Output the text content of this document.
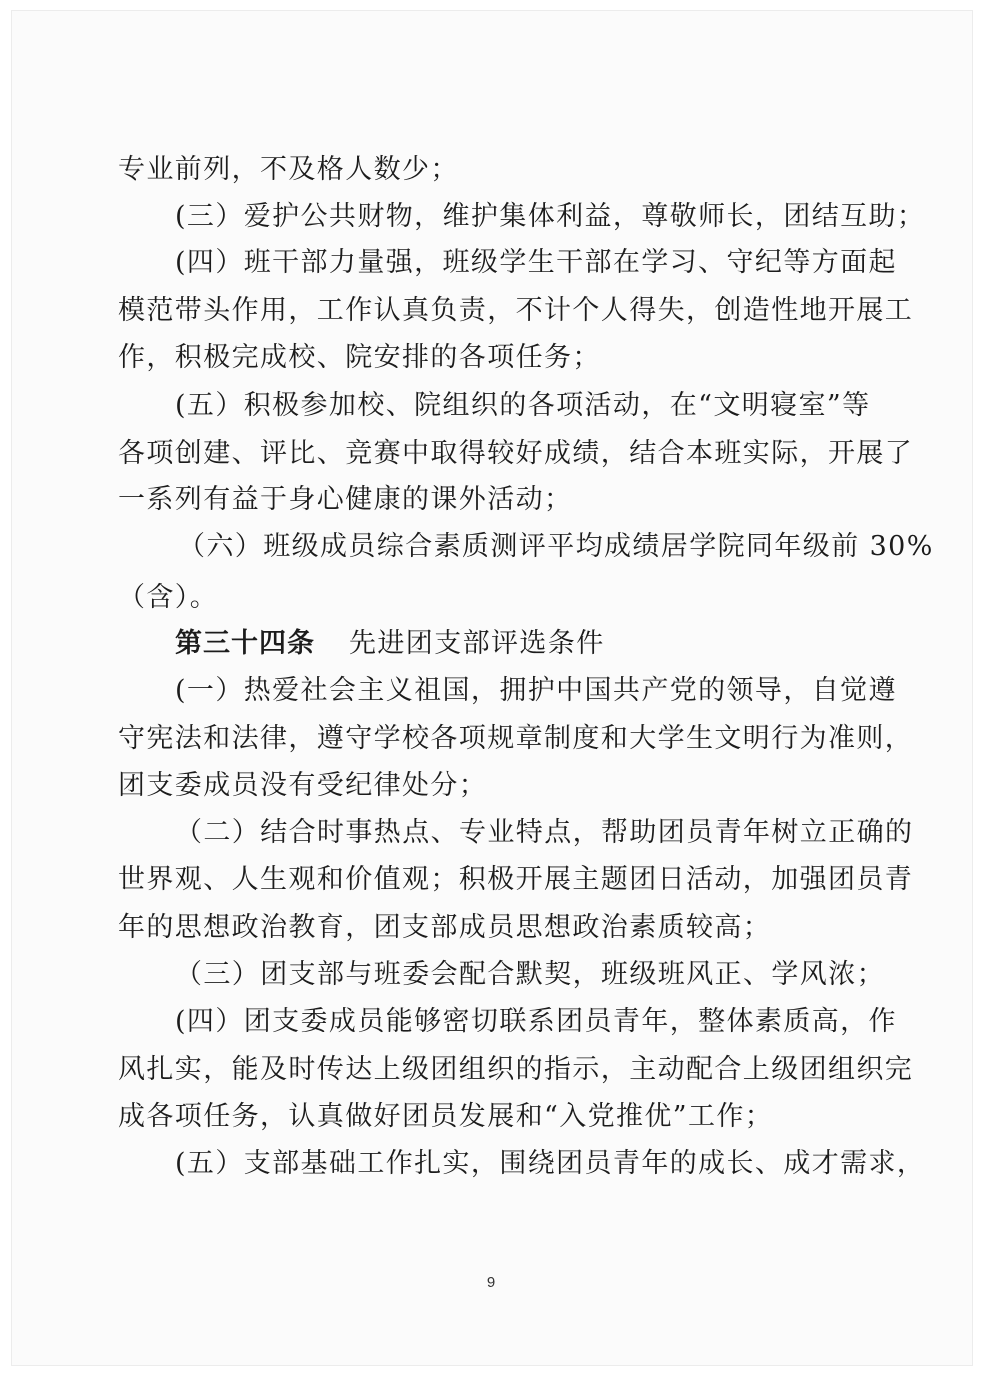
专业前列，不及格人数少；
(三）爱护公共财物，维护集体利益，尊敬师长，团结互助；
(四）班干部力量强，班级学生干部在学习、守纪等方面起
模范带头作用，工作认真负责，不计个人得失，创造性地开展工
作，积极完成校、院安排的各项任务；
(五）积极参加校、院组织的各项活动，在“文明寝室”等
各项创建、评比、竞赛中取得较好成绩，结合本班实际，开展了
一系列有益于身心健康的课外活动；
（六）班级成员综合素质测评平均成绩居学院同年级前 30%
（含）。
第三十四条 先进团支部评选条件
(一）热爱社会主义祖国，拥护中国共产党的领导，自觉遵
守宪法和法律，遵守学校各项规章制度和大学生文明行为准则，
团支委成员没有受纪律处分；
（二）结合时事热点、专业特点，帮助团员青年树立正确的
世界观、人生观和价值观；积极开展主题团日活动，加强团员青
年的思想政治教育，团支部成员思想政治素质较高；
（三）团支部与班委会配合默契，班级班风正、学风浓；
(四）团支委成员能够密切联系团员青年，整体素质高，作
风扎实，能及时传达上级团组织的指示，主动配合上级团组织完
成各项任务，认真做好团员发展和“入党推优”工作；
(五）支部基础工作扎实，围绕团员青年的成长、成才需求，
9
